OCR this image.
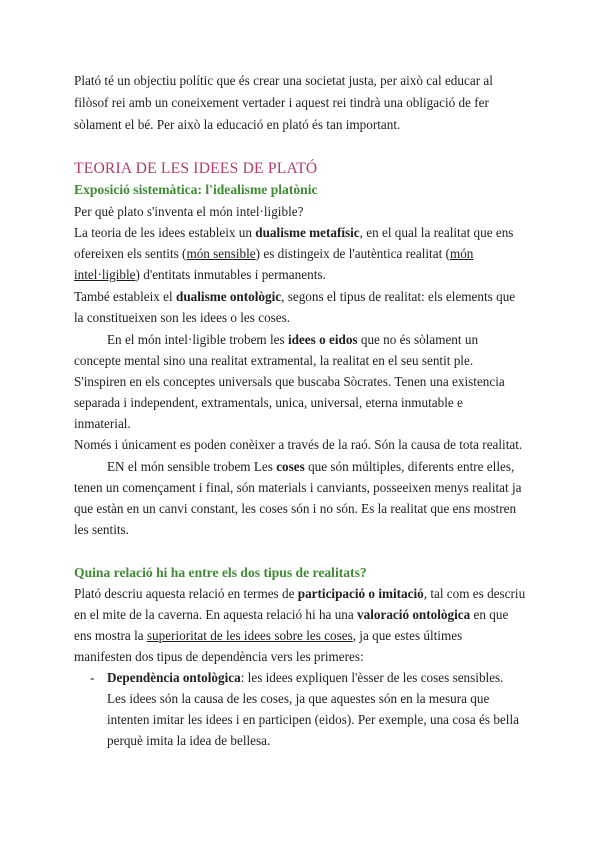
Plató té un objectiu polític que és crear una societat justa, per això cal educar al
filòsof rei amb un coneixement vertader i aquest rei tindrà una obligació de fer
sòlament el bé. Per això la educació en plató és tan important.
TEORIA DE LES IDEES DE PLATÓ
Exposició sistemàtica: l'idealisme platònic
Per què plato s'inventa el món intel·ligible?
La teoria de les idees estableix un dualisme metafísic, en el qual la realitat que ens
ofereixen els sentits (món sensible) es distingeix de l'autèntica realitat (món
intel·ligible) d'entitats inmutables i permanents.
També estableix el dualisme ontològic, segons el tipus de realitat: els elements que
la constitueixen son les idees o les coses.
En el món intel·ligible trobem les idees o eidos que no és sòlament un
concepte mental sino una realitat extramental, la realitat en el seu sentit ple.
S'inspiren en els conceptes universals que buscaba Sòcrates. Tenen una existencia
separada i independent, extramentals, unica, universal, eterna inmutable e
inmaterial.
Només i únicament es poden conèixer a través de la raó. Són la causa de tota realitat.
EN el món sensible trobem Les coses que són múltiples, diferents entre elles,
tenen un començament i final, són materials i canviants, posseeixen menys realitat ja
que estàn en un canvi constant, les coses són i no són. Es la realitat que ens mostren
les sentits.
Quina relació hi ha entre els dos tipus de realitats?
Plató descriu aquesta relació en termes de participació o imitació, tal com es descriu
en el mite de la caverna. En aquesta relació hi ha una valoració ontològica en que
ens mostra la superioritat de les idees sobre les coses, ja que estes últimes
manifesten dos tipus de dependència vers les primeres:
- Dependència ontològica: les idees expliquen l'èsser de les coses sensibles.
Les idees són la causa de les coses, ja que aquestes són en la mesura que
intenten imitar les idees i en participen (eidos). Per exemple, una cosa és bella
perquè imita la idea de bellesa.
